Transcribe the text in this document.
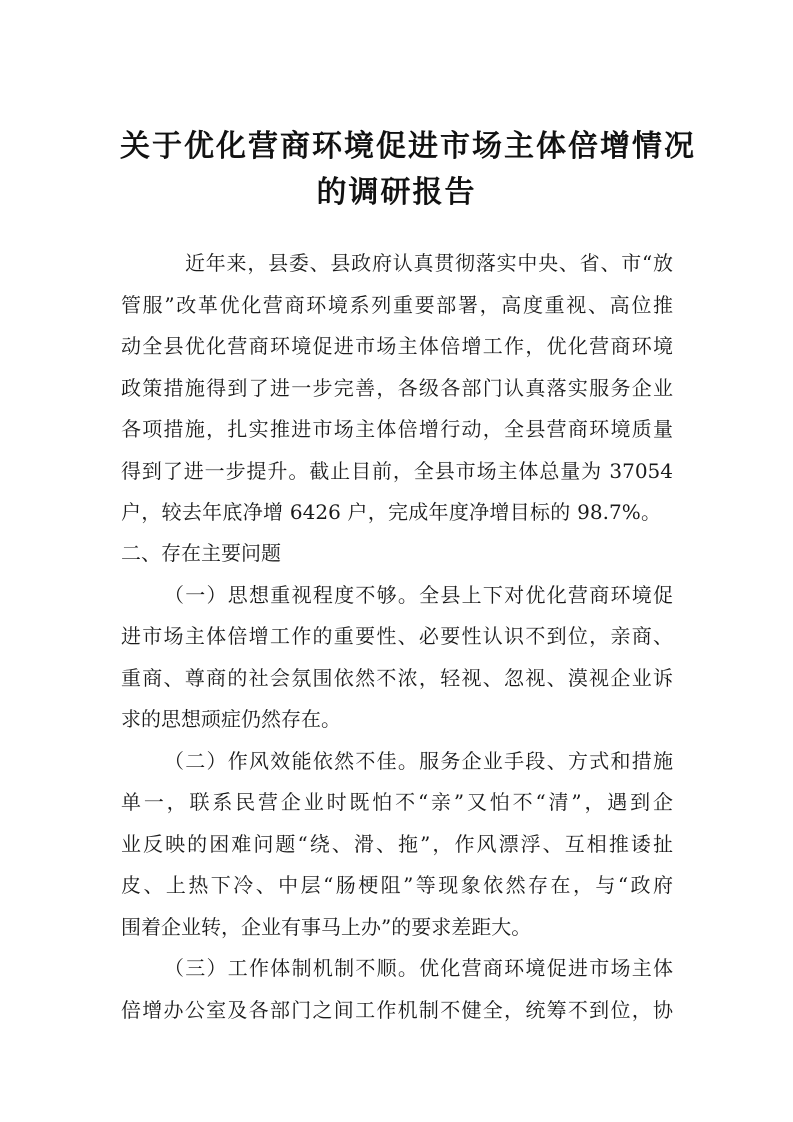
关于优化营商环境促进市场主体倍增情况
的调研报告

近年来，县委、县政府认真贯彻落实中央、省、市“放

管服”改革优化营商环境系列重要部署，高度重视、高位推

动全县优化营商环境促进市场主体倍增工作，优化营商环境

政策措施得到了进一步完善，各级各部门认真落实服务企业

各项措施，扎实推进市场主体倍增行动，全县营商环境质量

得到了进一步提升。截止目前，全县市场主体总量为 37054

户，较去年底净增 6426 户，完成年度净增目标的 98.7%。

二、存在主要问题

（一）思想重视程度不够。全县上下对优化营商环境促

进市场主体倍增工作的重要性、必要性认识不到位，亲商、

重商、尊商的社会氛围依然不浓，轻视、忽视、漠视企业诉

求的思想顽症仍然存在。

（二）作风效能依然不佳。服务企业手段、方式和措施

单一，联系民营企业时既怕不“亲”又怕不“清”，遇到企

业反映的困难问题“绕、滑、拖”，作风漂浮、互相推诿扯

皮、上热下冷、中层“肠梗阻”等现象依然存在，与“政府

围着企业转，企业有事马上办”的要求差距大。

（三）工作体制机制不顺。优化营商环境促进市场主体

倍增办公室及各部门之间工作机制不健全，统筹不到位，协
